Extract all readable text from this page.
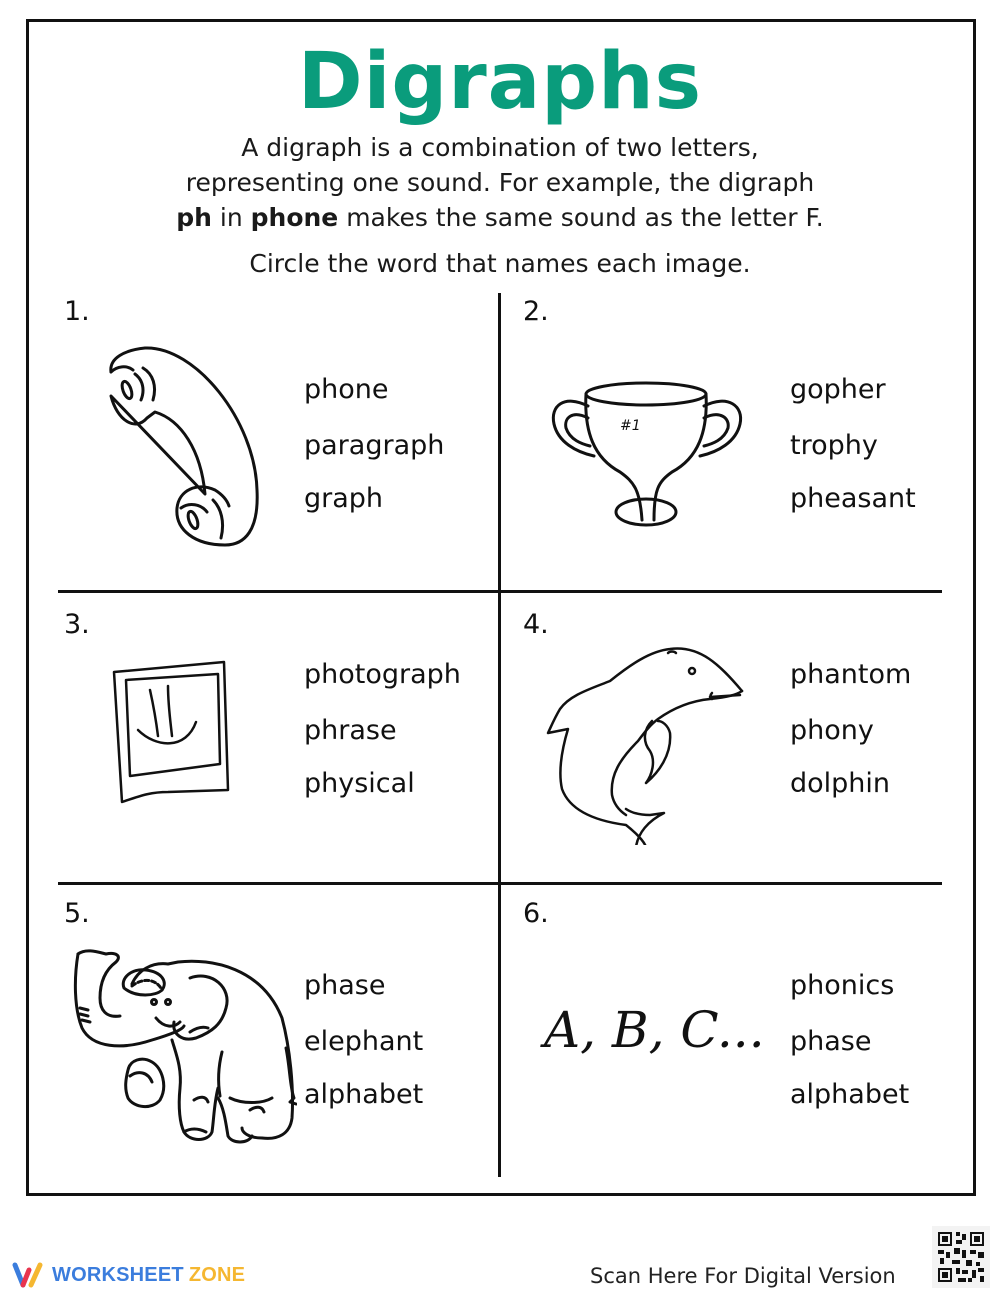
Digraphs
A digraph is a combination of two letters,
representing one sound. For example, the digraph
ph in phone makes the same sound as the letter F.
Circle the word that names each image.
1.
phone
paragraph
graph
2.
#1
gopher
trophy
pheasant
3.
photograph
phrase
physical
4.
phantom
phony
dolphin
5.
phase
elephant
alphabet
6.
A, B, C...
phonics
phase
alphabet
WORKSHEET ZONE	Scan Here For Digital Version
